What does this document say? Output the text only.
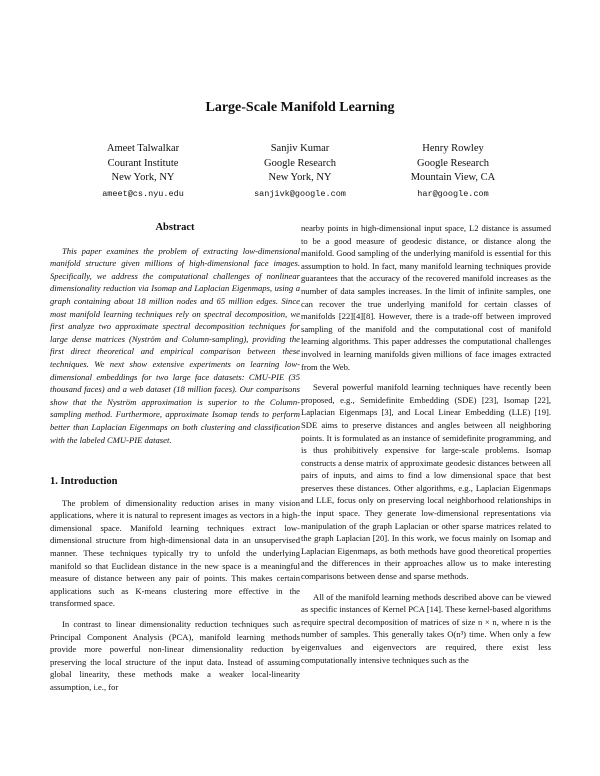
Large-Scale Manifold Learning
Ameet Talwalkar
Courant Institute
New York, NY
ameet@cs.nyu.edu
Sanjiv Kumar
Google Research
New York, NY
sanjivk@google.com
Henry Rowley
Google Research
Mountain View, CA
har@google.com
Abstract

This paper examines the problem of extracting low-dimensional manifold structure given millions of high-dimensional face images. Specifically, we address the computational challenges of nonlinear dimensionality reduction via Isomap and Laplacian Eigenmaps, using a graph containing about 18 million nodes and 65 million edges. Since most manifold learning techniques rely on spectral decomposition, we first analyze two approximate spectral decomposition techniques for large dense matrices (Nyström and Column-sampling), providing the first direct theoretical and empirical comparison between these techniques. We next show extensive experiments on learning low-dimensional embeddings for two large face datasets: CMU-PIE (35 thousand faces) and a web dataset (18 million faces). Our comparisons show that the Nyström approximation is superior to the Column-sampling method. Furthermore, approximate Isomap tends to perform better than Laplacian Eigenmaps on both clustering and classification with the labeled CMU-PIE dataset.

1. Introduction

The problem of dimensionality reduction arises in many vision applications, where it is natural to represent images as vectors in a high-dimensional space. Manifold learning techniques extract low-dimensional structure from high-dimensional data in an unsupervised manner. These techniques typically try to unfold the underlying manifold so that Euclidean distance in the new space is a meaningful measure of distance between any pair of points. This makes certain applications such as K-means clustering more effective in the transformed space.

In contrast to linear dimensionality reduction techniques such as Principal Component Analysis (PCA), manifold learning methods provide more powerful non-linear dimensionality reduction by preserving the local structure of the input data. Instead of assuming global linearity, these methods make a weaker local-linearity assumption, i.e., for

nearby points in high-dimensional input space, L2 distance is assumed to be a good measure of geodesic distance, or distance along the manifold. Good sampling of the underlying manifold is essential for this assumption to hold. In fact, many manifold learning techniques provide guarantees that the accuracy of the recovered manifold increases as the number of data samples increases. In the limit of infinite samples, one can recover the true underlying manifold for certain classes of manifolds [22][4][8]. However, there is a trade-off between improved sampling of the manifold and the computational cost of manifold learning algorithms. This paper addresses the computational challenges involved in learning manifolds given millions of face images extracted from the Web.

Several powerful manifold learning techniques have recently been proposed, e.g., Semidefinite Embedding (SDE) [23], Isomap [22], Laplacian Eigenmaps [3], and Local Linear Embedding (LLE) [19]. SDE aims to preserve distances and angles between all neighboring points. It is formulated as an instance of semidefinite programming, and is thus prohibitively expensive for large-scale problems. Isomap constructs a dense matrix of approximate geodesic distances between all pairs of inputs, and aims to find a low dimensional space that best preserves these distances. Other algorithms, e.g., Laplacian Eigenmaps and LLE, focus only on preserving local neighborhood relationships in the input space. They generate low-dimensional representations via manipulation of the graph Laplacian or other sparse matrices related to the graph Laplacian [20]. In this work, we focus mainly on Isomap and Laplacian Eigenmaps, as both methods have good theoretical properties and the differences in their approaches allow us to make interesting comparisons between dense and sparse methods.

All of the manifold learning methods described above can be viewed as specific instances of Kernel PCA [14]. These kernel-based algorithms require spectral decomposition of matrices of size n × n, where n is the number of samples. This generally takes O(n³) time. When only a few eigenvalues and eigenvectors are required, there exist less computationally intensive techniques such as the
